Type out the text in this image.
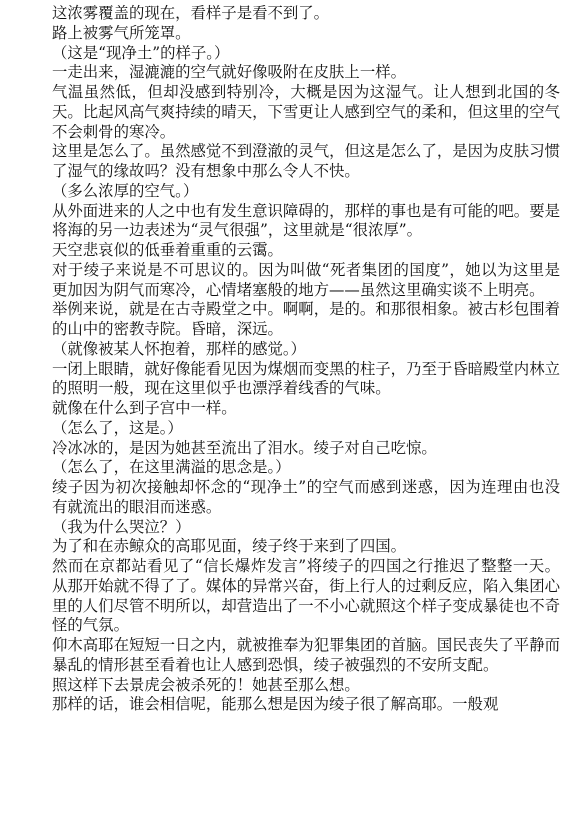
这浓雾覆盖的现在，看样子是看不到了。

路上被雾气所笼罩。

（这是“现净土”的样子。）

一走出来，湿漉漉的空气就好像吸附在皮肤上一样。

气温虽然低，但却没感到特别冷，大概是因为这湿气。让人想到北国的冬天。比起风高气爽持续的晴天，下雪更让人感到空气的柔和，但这里的空气不会刺骨的寒冷。

这里是怎么了。虽然感觉不到澄澈的灵气，但这是怎么了，是因为皮肤习惯了湿气的缘故吗？没有想象中那么令人不快。

（多么浓厚的空气。）

从外面进来的人之中也有发生意识障碍的，那样的事也是有可能的吧。要是将海的另一边表述为“灵气很强”，这里就是“很浓厚”。

天空悲哀似的低垂着重重的云霭。

对于绫子来说是不可思议的。因为叫做“死者集团的国度”，她以为这里是更加因为阴气而寒冷，心情堵塞般的地方——虽然这里确实谈不上明亮。

举例来说，就是在古寺殿堂之中。啊啊，是的。和那很相象。被古杉包围着的山中的密教寺院。昏暗，深远。

（就像被某人怀抱着，那样的感觉。）

一闭上眼睛，就好像能看见因为煤烟而变黑的柱子，乃至于昏暗殿堂内林立的照明一般，现在这里似乎也漂浮着线香的气味。

就像在什么到子宫中一样。

（怎么了，这是。）

冷冰冰的，是因为她甚至流出了泪水。绫子对自己吃惊。

（怎么了，在这里满溢的思念是。）

绫子因为初次接触却怀念的“现净土”的空气而感到迷惑，因为连理由也没有就流出的眼泪而迷惑。

（我为什么哭泣？）

为了和在赤鲸众的高耶见面，绫子终于来到了四国。

然而在京都站看见了“信长爆炸发言”将绫子的四国之行推迟了整整一天。从那开始就不得了了。媒体的异常兴奋，街上行人的过剩反应，陷入集团心里的人们尽管不明所以，却营造出了一不小心就照这个样子变成暴徒也不奇怪的气氛。

仰木高耶在短短一日之内，就被推奉为犯罪集团的首脑。国民丧失了平静而暴乱的情形甚至看着也让人感到恐惧，绫子被强烈的不安所支配。

照这样下去景虎会被杀死的！她甚至那么想。

那样的话，谁会相信呢，能那么想是因为绫子很了解高耶。一般观
